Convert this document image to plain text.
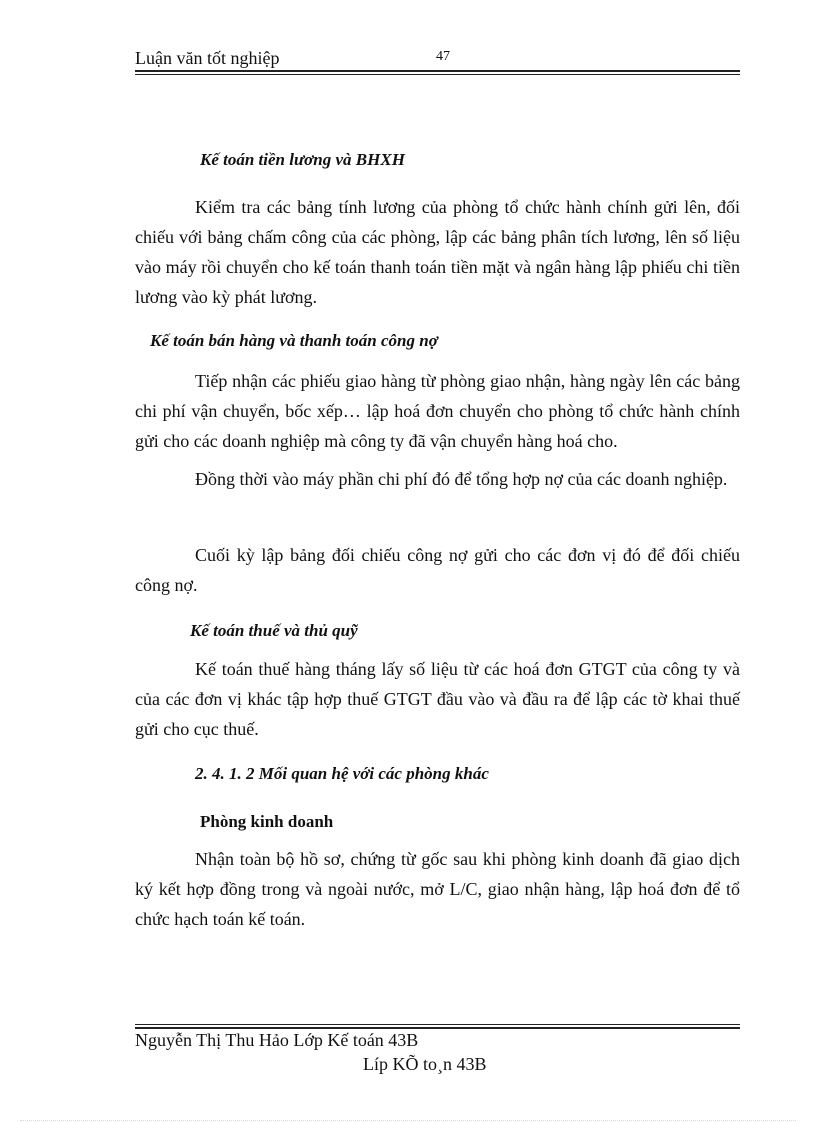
Luận văn tốt nghiệp	47
Kế toán tiền lương và BHXH
Kiểm tra các bảng tính lương của phòng tổ chức hành chính gửi lên, đối chiếu với bảng chấm công của các phòng, lập các bảng phân tích lương, lên số liệu vào máy rồi chuyển cho kế toán thanh toán tiền mặt và ngân hàng lập phiếu chi tiền lương vào kỳ phát lương.
Kế toán bán hàng và thanh toán công nợ
Tiếp nhận các phiếu giao hàng từ phòng giao nhận, hàng ngày lên các bảng chi phí vận chuyển, bốc xếp… lập hoá đơn chuyển cho phòng tổ chức hành chính gửi cho các doanh nghiệp mà công ty đã vận chuyển hàng hoá cho.
Đồng thời vào máy phần chi phí đó để tổng hợp nợ của các doanh nghiệp.
Cuối kỳ lập bảng đối chiếu công nợ gửi cho các đơn vị đó để đối chiếu công nợ.
Kế toán thuế và thủ quỹ
Kế toán thuế hàng tháng lấy số liệu từ các hoá đơn GTGT của công ty và của các đơn vị khác tập hợp thuế GTGT đầu vào và đầu ra để lập các tờ khai thuế gửi cho cục thuế.
2. 4. 1. 2 Mối quan hệ với các phòng khác
Phòng kinh doanh
Nhận toàn bộ hồ sơ, chứng từ gốc sau khi phòng kinh doanh đã giao dịch ký kết hợp đồng trong và ngoài nước, mở L/C, giao nhận hàng, lập hoá đơn để tổ chức hạch toán kế toán.
Nguyễn Thị Thu Hảo Lớp Kế toán 43B
Líp KÕ to¸n 43B
